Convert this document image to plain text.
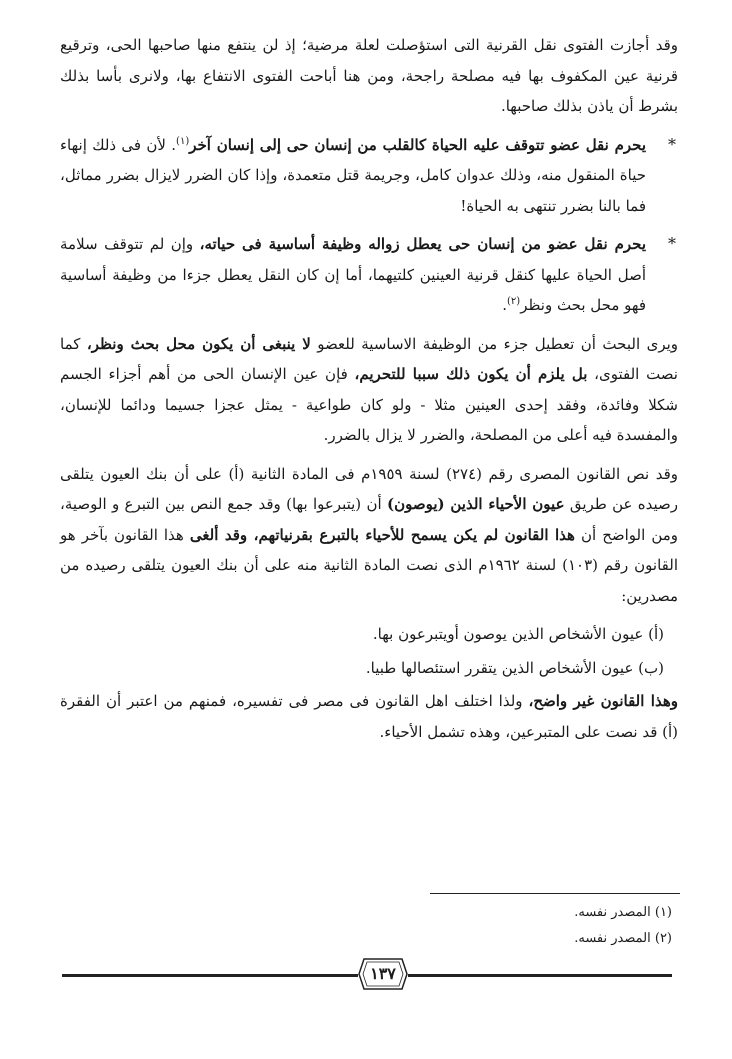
وقد أجازت الفتوى نقل القرنية التى استؤصلت لعلة مرضية؛ إذ لن ينتفع منها صاحبها الحى، وترقيع قرنية عين المكفوف بها فيه مصلحة راجحة، ومن هنا أباحت الفتوى الانتفاع بها، ولانرى بأسا بذلك بشرط أن ياذن بذلك صاحبها.

*
يحرم نقل عضو تتوقف عليه الحياة كالقلب من إنسان حى إلى إنسان آخر$^{(١)}$. لأن فى ذلك إنهاء حياة المنقول منه، وذلك عدوان كامل، وجريمة قتل متعمدة، وإذا كان الضرر لايزال بضرر مماثل، فما بالنا بضرر تنتهى به الحياة!
*
يحرم نقل عضو من إنسان حى يعطل زواله وظيفة أساسية فى حياته، وإن لم تتوقف سلامة أصل الحياة عليها كنقل قرنية العينين كلتيهما، أما إن كان النقل يعطل جزءا من وظيفة أساسية فهو محل بحث ونظر$^{(٢)}$.

ويرى البحث أن تعطيل جزء من الوظيفة الاساسية للعضو لا ينبغى أن يكون محل بحث ونظر، كما نصت الفتوى، بل يلزم أن يكون ذلك سببا للتحريم، فإن عين الإنسان الحى من أهم أجزاء الجسم شكلا وفائدة، وفقد إحدى العينين مثلا - ولو كان طواعية - يمثل عجزا جسيما ودائما للإنسان، والمفسدة فيه أعلى من المصلحة، والضرر لا يزال بالضرر.

وقد نص القانون المصرى رقم (٢٧٤) لسنة ١٩٥٩م فى المادة الثانية (أ) على أن بنك العيون يتلقى رصيده عن طريق عيون الأحياء الذين (يوصون) أن (يتبرعوا بها) وقد جمع النص بين التبرع و الوصية، ومن الواضح أن هذا القانون لم يكن يسمح للأحياء بالتبرع بقرنياتهم، وقد ألغى هذا القانون بآخر هو القانون رقم (١٠٣) لسنة ١٩٦٢م الذى نصت المادة الثانية منه على أن بنك العيون يتلقى رصيده من مصدرين:

(أ) عيون الأشخاص الذين يوصون أويتبرعون بها.

(ب) عيون الأشخاص الذين يتقرر استئصالها طبيا.

وهذا القانون غير واضح، ولذا اختلف اهل القانون فى مصر فى تفسيره، فمنهم من اعتبر أن الفقرة (أ) قد نصت على المتبرعين، وهذه تشمل الأحياء.

(١) المصدر نفسه.
(٢) المصدر نفسه.
١٣٧
